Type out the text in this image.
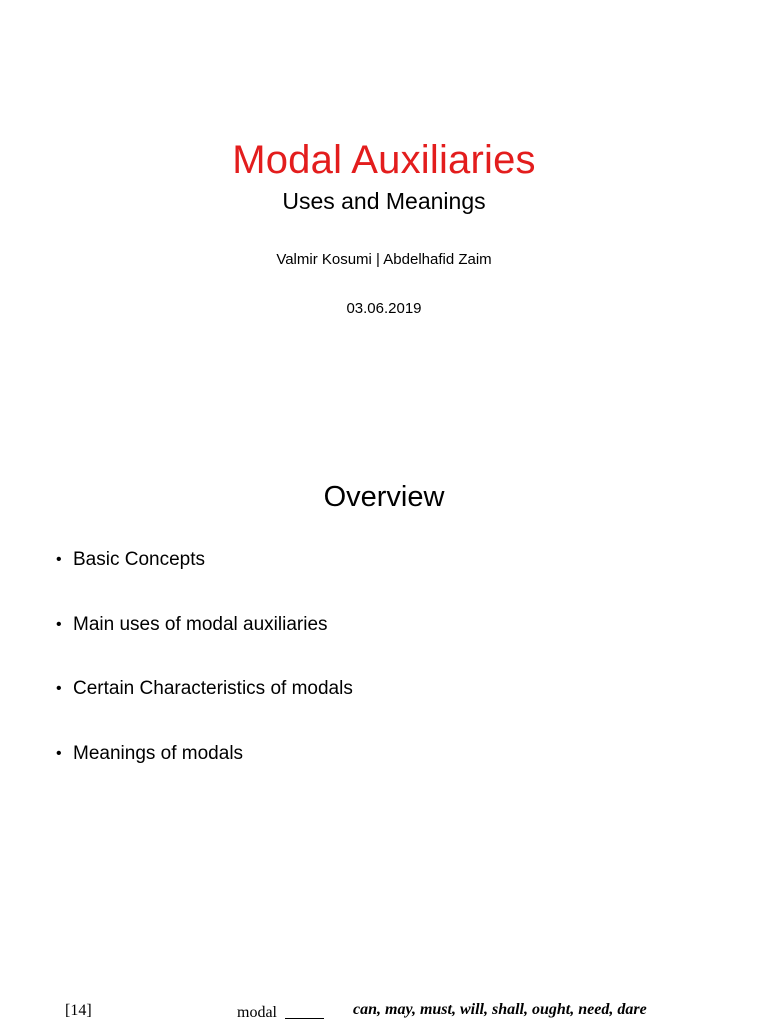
Modal Auxiliaries
Uses and Meanings
Valmir Kosumi | Abdelhafid Zaim
03.06.2019
Overview
• Basic Concepts
• Main uses of modal auxiliaries
• Certain Characteristics of modals
• Meanings of modals
[14]	modal	can, may, must, will, shall, ought, need, dare
